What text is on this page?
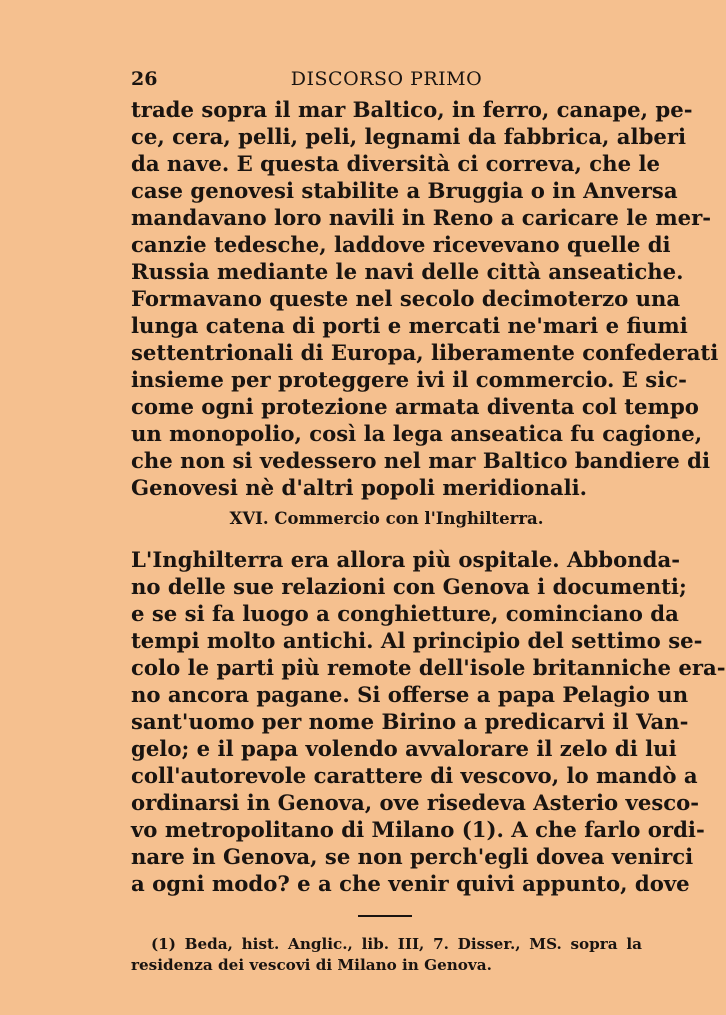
26	DISCORSO PRIMO
trade sopra il mar Baltico, in ferro, canape, pe-
ce, cera, pelli, peli, legnami da fabbrica, alberi
da nave. E questa diversità ci correva, che le
case genovesi stabilite a Bruggia o in Anversa
mandavano loro navili in Reno a caricare le mer-
canzie tedesche, laddove ricevevano quelle di
Russia mediante le navi delle città anseatiche.
Formavano queste nel secolo decimoterzo una
lunga catena di porti e mercati ne'mari e fiumi
settentrionali di Europa, liberamente confederati
insieme per proteggere ivi il commercio. E sic-
come ogni protezione armata diventa col tempo
un monopolio, così la lega anseatica fu cagione,
che non si vedessero nel mar Baltico bandiere di
Genovesi nè d'altri popoli meridionali.
XVI. Commercio con l'Inghilterra.
L'Inghilterra era allora più ospitale. Abbonda-
no delle sue relazioni con Genova i documenti;
e se si fa luogo a conghietture, cominciano da
tempi molto antichi. Al principio del settimo se-
colo le parti più remote dell'isole britanniche era-
no ancora pagane. Si offerse a papa Pelagio un
sant'uomo per nome Birino a predicarvi il Van-
gelo; e il papa volendo avvalorare il zelo di lui
coll'autorevole carattere di vescovo, lo mandò a
ordinarsi in Genova, ove risedeva Asterio vesco-
vo metropolitano di Milano (1). A che farlo ordi-
nare in Genova, se non perch'egli dovea venirci
a ogni modo? e a che venir quivi appunto, dove
(1) Beda, hist. Anglic., lib. III, 7. Disser., MS. sopra la
residenza dei vescovi di Milano in Genova.
